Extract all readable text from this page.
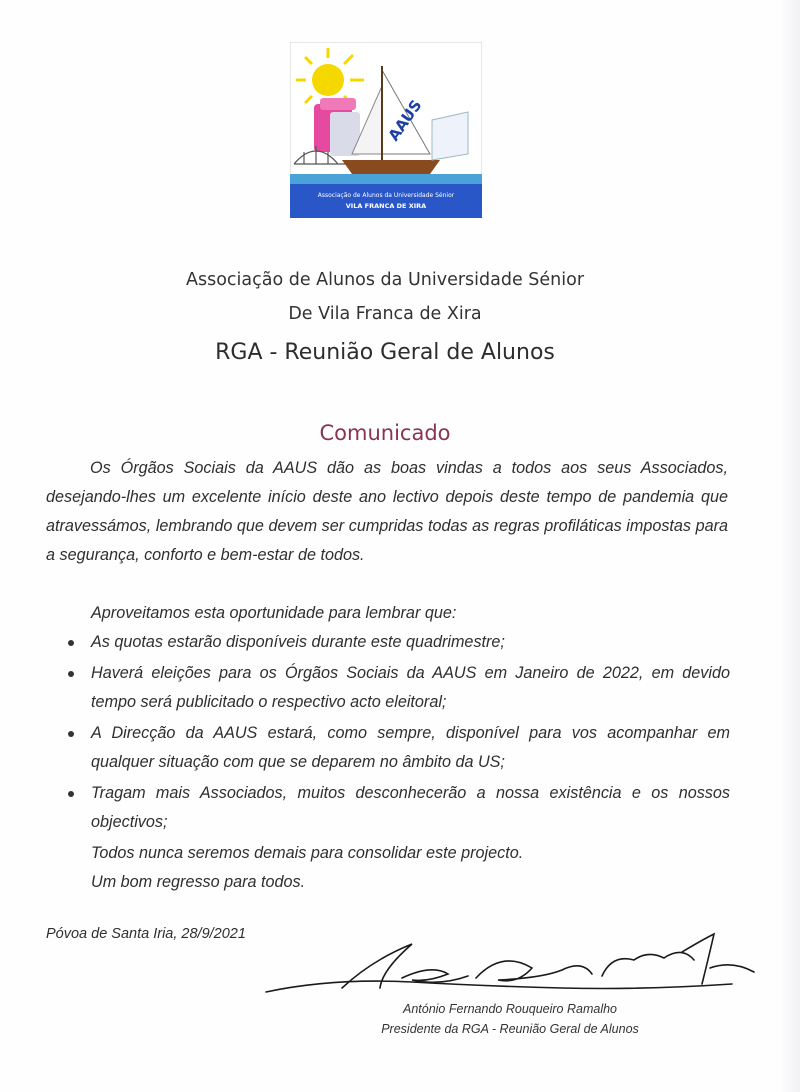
AAUS
Associação de Alunos da Universidade Sénior
VILA FRANCA DE XIRA
Associação de Alunos da Universidade Sénior
De Vila Franca de Xira
RGA - Reunião Geral de Alunos
Comunicado
Os Órgãos Sociais da AAUS dão as boas vindas a todos aos seus Associados, desejando-lhes um excelente início deste ano lectivo depois deste tempo de pandemia que atravessámos, lembrando que devem ser cumpridas todas as regras profiláticas impostas para a segurança, conforto e bem-estar de todos.
Aproveitamos esta oportunidade para lembrar que:
As quotas estarão disponíveis durante este quadrimestre;
Haverá eleições para os Órgãos Sociais da AAUS em Janeiro de 2022, em devido tempo será publicitado o respectivo acto eleitoral;
A Direcção da AAUS estará, como sempre, disponível para vos acompanhar em qualquer situação com que se deparem no âmbito da US;
Tragam mais Associados, muitos desconhecerão a nossa existência e os nossos objectivos;
Todos nunca seremos demais para consolidar este projecto.
Um bom regresso para todos.
Póvoa de Santa Iria, 28/9/2021
António Fernando Rouqueiro Ramalho
Presidente da RGA - Reunião Geral de Alunos
